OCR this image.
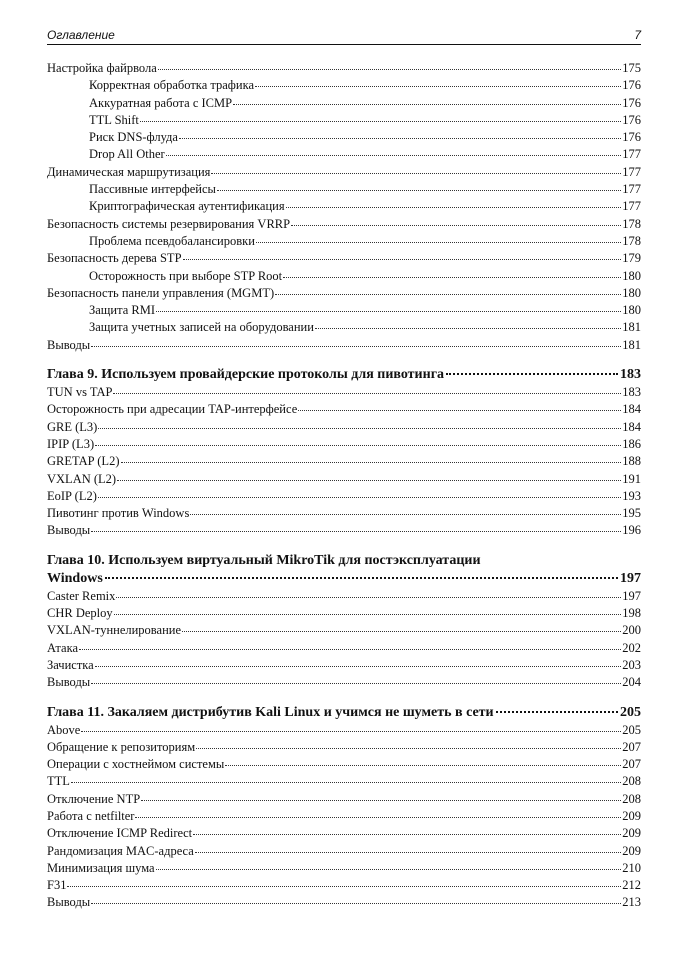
Оглавление	7
Настройка файрвола	175
Корректная обработка трафика	176
Аккуратная работа с ICMP	176
TTL Shift	176
Риск DNS-флуда	176
Drop All Other	177
Динамическая маршрутизация	177
Пассивные интерфейсы	177
Криптографическая аутентификация	177
Безопасность системы резервирования VRRP	178
Проблема псевдобалансировки	178
Безопасность дерева STP	179
Осторожность при выборе STP Root	180
Безопасность панели управления (MGMT)	180
Защита RMI	180
Защита учетных записей на оборудовании	181
Выводы	181
Глава 9. Используем провайдерские протоколы для пивотинга	183
TUN vs TAP	183
Осторожность при адресации TAP-интерфейсе	184
GRE (L3)	184
IPIP (L3)	186
GRETAP (L2)	188
VXLAN (L2)	191
EoIP (L2)	193
Пивотинг против Windows	195
Выводы	196
Глава 10. Используем виртуальный MikroTik для постэксплуатации
Windows	197
Caster Remix	197
CHR Deploy	198
VXLAN-туннелирование	200
Атака	202
Зачистка	203
Выводы	204
Глава 11. Закаляем дистрибутив Kali Linux и учимся не шуметь в сети	205
Above	205
Обращение к репозиториям	207
Операции с хостнеймом системы	207
TTL	208
Отключение NTP	208
Работа с netfilter	209
Отключение ICMP Redirect	209
Рандомизация MAC-адреса	209
Минимизация шума	210
F31	212
Выводы	213
